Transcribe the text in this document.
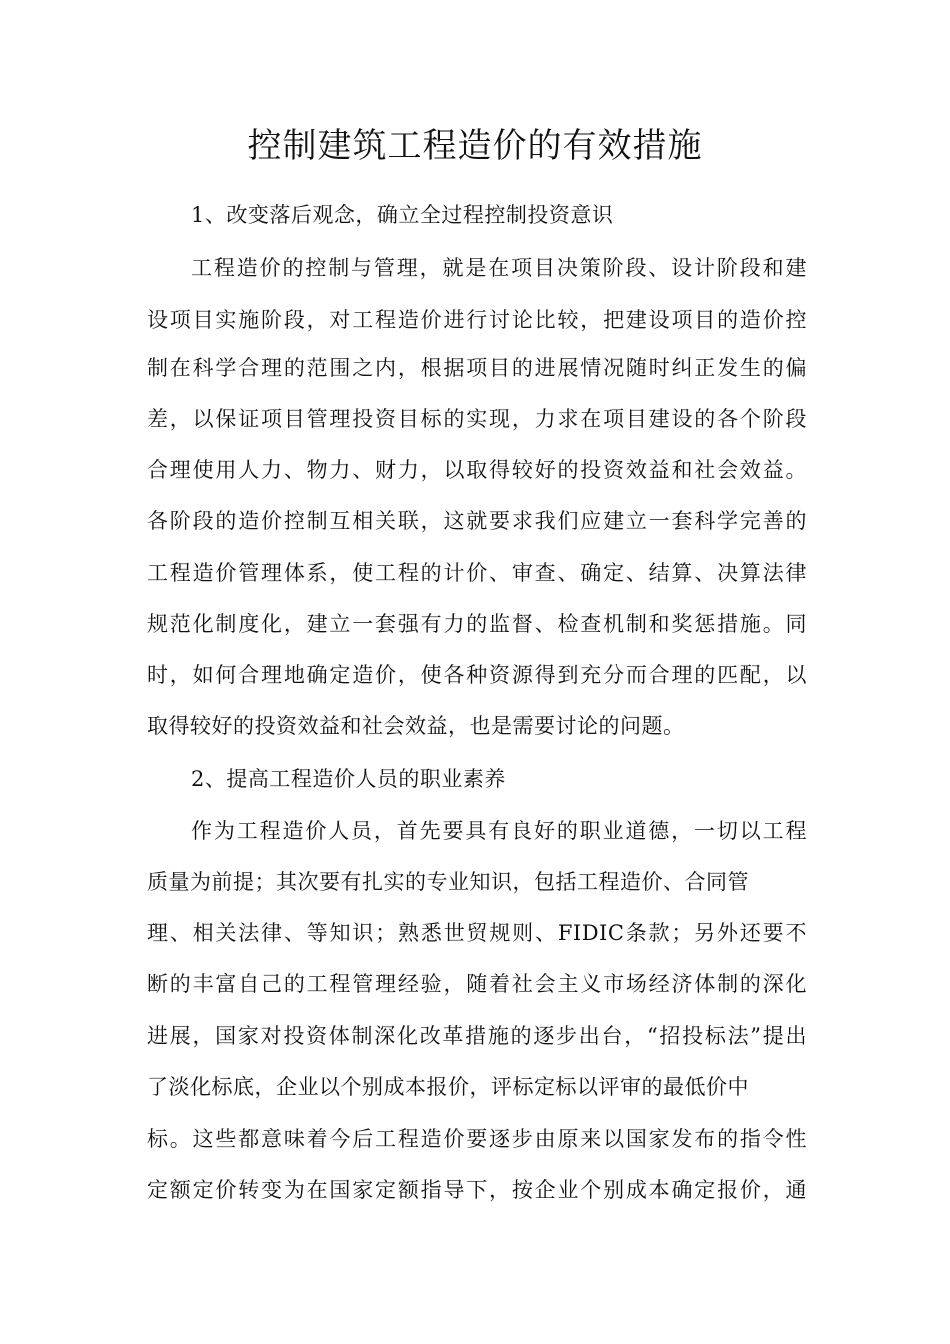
控制建筑工程造价的有效措施
1、改变落后观念，确立全过程控制投资意识
工程造价的控制与管理，就是在项目决策阶段、设计阶段和建
设项目实施阶段，对工程造价进行讨论比较，把建设项目的造价控
制在科学合理的范围之内，根据项目的进展情况随时纠正发生的偏
差，以保证项目管理投资目标的实现，力求在项目建设的各个阶段
合理使用人力、物力、财力，以取得较好的投资效益和社会效益。
各阶段的造价控制互相关联，这就要求我们应建立一套科学完善的
工程造价管理体系，使工程的计价、审查、确定、结算、决算法律
规范化制度化，建立一套强有力的监督、检查机制和奖惩措施。同
时，如何合理地确定造价，使各种资源得到充分而合理的匹配，以
取得较好的投资效益和社会效益，也是需要讨论的问题。
2、提高工程造价人员的职业素养
作为工程造价人员，首先要具有良好的职业道德，一切以工程
质量为前提；其次要有扎实的专业知识，包括工程造价、合同管
理、相关法律、等知识；熟悉世贸规则、FIDIC条款；另外还要不
断的丰富自己的工程管理经验，随着社会主义市场经济体制的深化
进展，国家对投资体制深化改革措施的逐步出台，“招投标法”提出
了淡化标底，企业以个别成本报价，评标定标以评审的最低价中
标。这些都意味着今后工程造价要逐步由原来以国家发布的指令性
定额定价转变为在国家定额指导下，按企业个别成本确定报价，通
